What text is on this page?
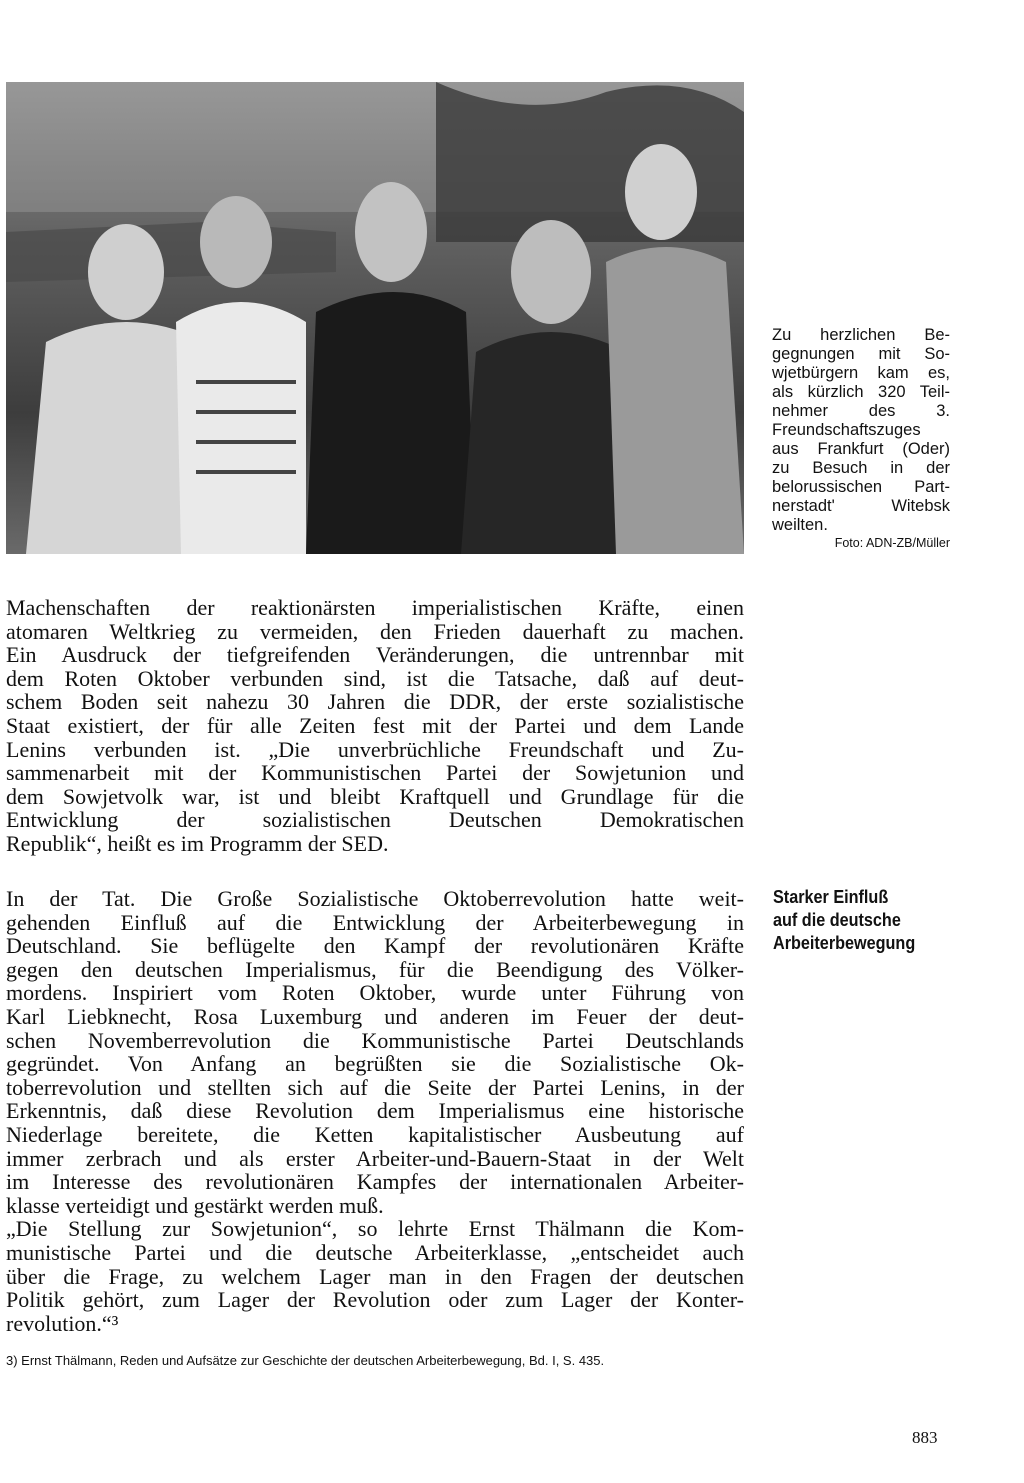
Zu herzlichen Be-
gegnungen mit So-
wjetbürgern kam es,
als kürzlich 320 Teil-
nehmer des 3.
Freundschaftszuges
aus Frankfurt (Oder)
zu Besuch in der
belorussischen Part-
nerstadt' Witebsk
weilten.
Foto: ADN-ZB/Müller
Machenschaften der reaktionärsten imperialistischen Kräfte, einen
atomaren Weltkrieg zu vermeiden, den Frieden dauerhaft zu machen.
Ein Ausdruck der tiefgreifenden Veränderungen, die untrennbar mit
dem Roten Oktober verbunden sind, ist die Tatsache, daß auf deut-
schem Boden seit nahezu 30 Jahren die DDR, der erste sozialistische
Staat existiert, der für alle Zeiten fest mit der Partei und dem Lande
Lenins verbunden ist. „Die unverbrüchliche Freundschaft und Zu-
sammenarbeit mit der Kommunistischen Partei der Sowjetunion und
dem Sowjetvolk war, ist und bleibt Kraftquell und Grundlage für die
Entwicklung der sozialistischen Deutschen Demokratischen
Republik“, heißt es im Programm der SED.
Starker Einfluß
auf die deutsche
Arbeiterbewegung
In der Tat. Die Große Sozialistische Oktoberrevolution hatte weit-
gehenden Einfluß auf die Entwicklung der Arbeiterbewegung in
Deutschland. Sie beflügelte den Kampf der revolutionären Kräfte
gegen den deutschen Imperialismus, für die Beendigung des Völker-
mordens. Inspiriert vom Roten Oktober, wurde unter Führung von
Karl Liebknecht, Rosa Luxemburg und anderen im Feuer der deut-
schen Novemberrevolution die Kommunistische Partei Deutschlands
gegründet. Von Anfang an begrüßten sie die Sozialistische Ok-
toberrevolution und stellten sich auf die Seite der Partei Lenins, in der
Erkenntnis, daß diese Revolution dem Imperialismus eine historische
Niederlage bereitete, die Ketten kapitalistischer Ausbeutung auf
immer zerbrach und als erster Arbeiter-und-Bauern-Staat in der Welt
im Interesse des revolutionären Kampfes der internationalen Arbeiter-
klasse verteidigt und gestärkt werden muß.
„Die Stellung zur Sowjetunion“, so lehrte Ernst Thälmann die Kom-
munistische Partei und die deutsche Arbeiterklasse, „entscheidet auch
über die Frage, zu welchem Lager man in den Fragen der deutschen
Politik gehört, zum Lager der Revolution oder zum Lager der Konter-
revolution.“³
3) Ernst Thälmann, Reden und Aufsätze zur Geschichte der deutschen Arbeiterbewegung, Bd. I, S. 435.
883
